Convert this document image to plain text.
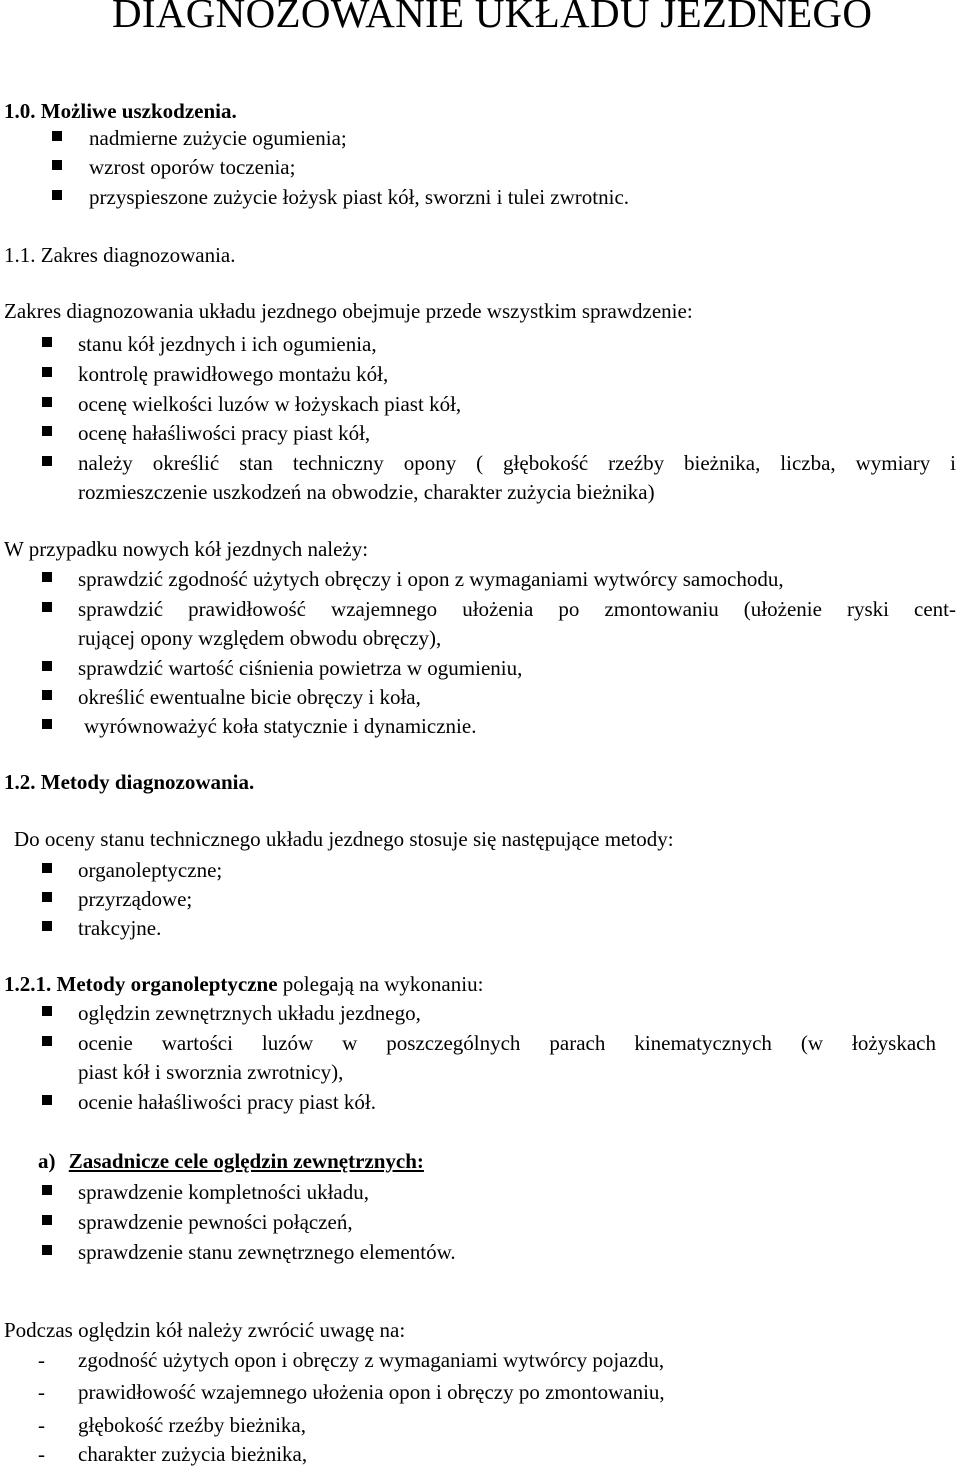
DIAGNOZOWANIE UKŁADU JEZDNEGO
1.0. Możliwe uszkodzenia.
nadmierne zużycie ogumienia;
wzrost oporów toczenia;
przyspieszone zużycie łożysk piast kół, sworzni i tulei zwrotnic.
1.1. Zakres diagnozowania.
Zakres diagnozowania układu jezdnego obejmuje przede wszystkim sprawdzenie:
stanu kół jezdnych i ich ogumienia,
kontrolę prawidłowego montażu kół,
ocenę wielkości luzów w łożyskach piast kół,
ocenę hałaśliwości pracy piast kół,
należy określić stan techniczny opony ( głębokość rzeźby bieżnika, liczba, wymiary i
rozmieszczenie uszkodzeń na obwodzie, charakter zużycia bieżnika)
W przypadku nowych kół jezdnych należy:
sprawdzić zgodność użytych obręczy i opon z wymaganiami wytwórcy samochodu,
sprawdzić prawidłowość wzajemnego ułożenia po zmontowaniu (ułożenie ryski cent-
rującej opony względem obwodu obręczy),
sprawdzić wartość ciśnienia powietrza w ogumieniu,
określić ewentualne bicie obręczy i koła,
wyrównoważyć koła statycznie i dynamicznie.
1.2. Metody diagnozowania.
Do oceny stanu technicznego układu jezdnego stosuje się następujące metody:
organoleptyczne;
przyrządowe;
trakcyjne.
1.2.1. Metody organoleptyczne polegają na wykonaniu:
oględzin zewnętrznych układu jezdnego,
ocenie wartości luzów w poszczególnych parach kinematycznych (w łożyskach
piast kół i sworznia zwrotnicy),
ocenie hałaśliwości pracy piast kół.
a) Zasadnicze cele oględzin zewnętrznych:
sprawdzenie kompletności układu,
sprawdzenie pewności połączeń,
sprawdzenie stanu zewnętrznego elementów.
Podczas oględzin kół należy zwrócić uwagę na:
- zgodność użytych opon i obręczy z wymaganiami wytwórcy pojazdu,
- prawidłowość wzajemnego ułożenia opon i obręczy po zmontowaniu,
- głębokość rzeźby bieżnika,
- charakter zużycia bieżnika,
